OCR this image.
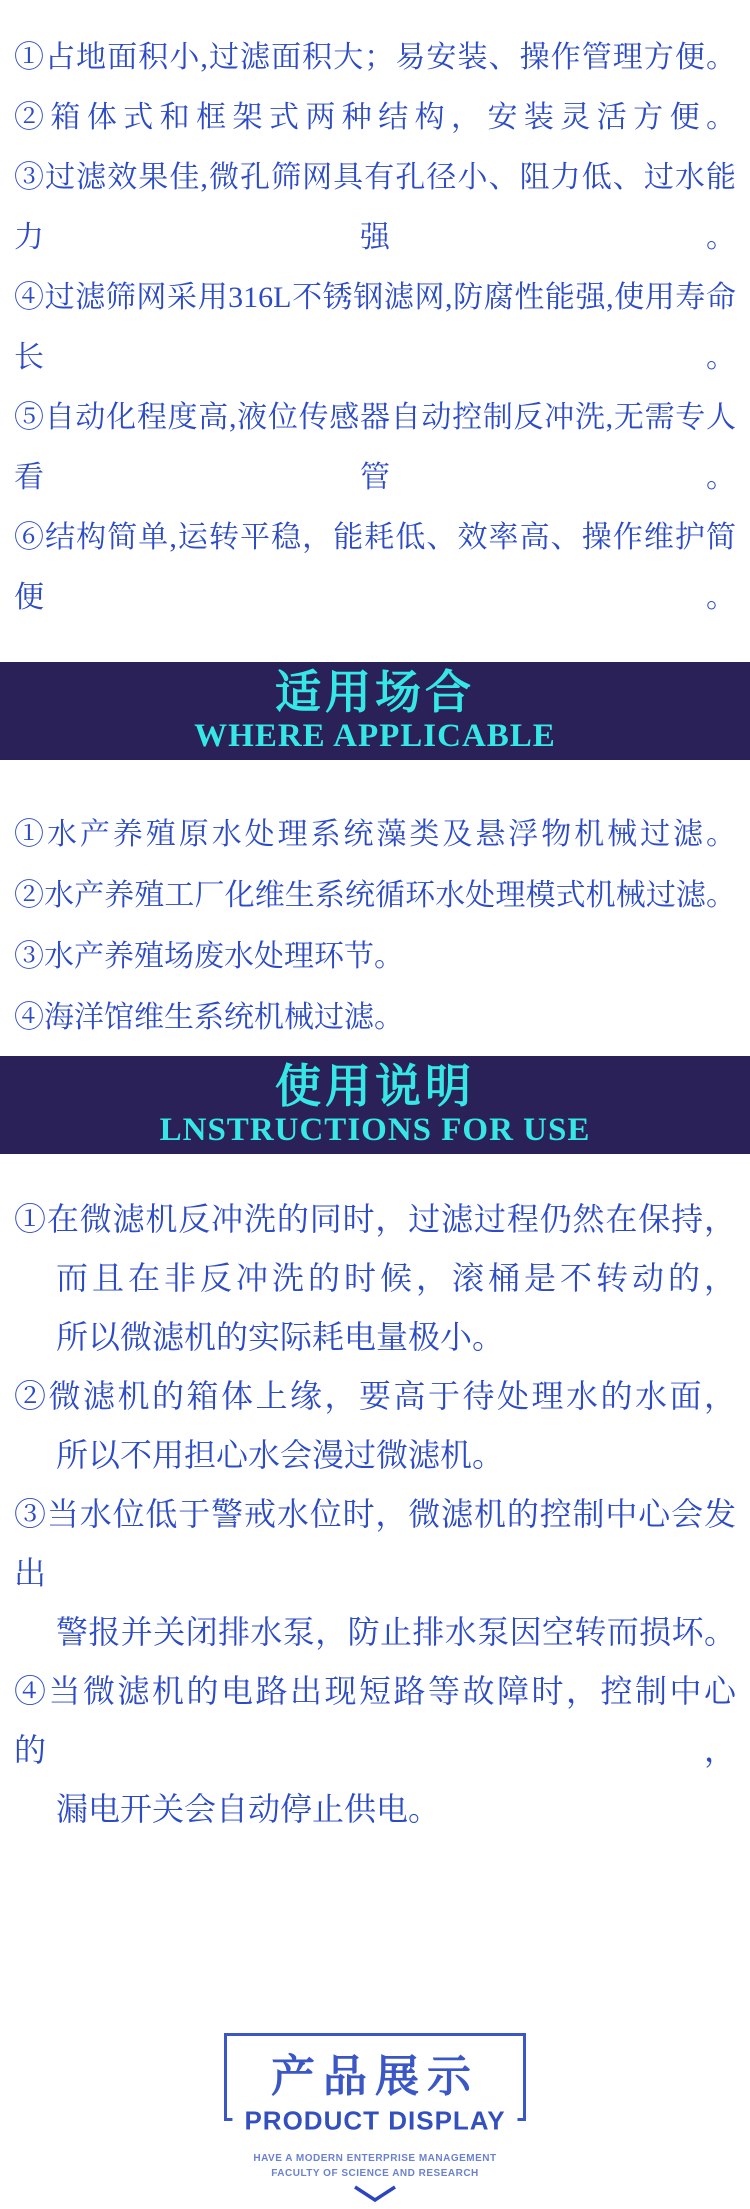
①占地面积小,过滤面积大；易安装、操作管理方便。
②箱体式和框架式两种结构，安装灵活方便。
③过滤效果佳,微孔筛网具有孔径小、阻力低、过水能力强。
④过滤筛网采用316L不锈钢滤网,防腐性能强,使用寿命长。
⑤自动化程度高,液位传感器自动控制反冲洗,无需专人看管。
⑥结构简单,运转平稳，能耗低、效率高、操作维护简便。
适用场合
WHERE APPLICABLE
①水产养殖原水处理系统藻类及悬浮物机械过滤。
②水产养殖工厂化维生系统循环水处理模式机械过滤。
③水产养殖场废水处理环节。
④海洋馆维生系统机械过滤。
使用说明
LNSTRUCTIONS FOR USE
①在微滤机反冲洗的同时，过滤过程仍然在保持，
而且在非反冲洗的时候，滚桶是不转动的，
所以微滤机的实际耗电量极小。
②微滤机的箱体上缘，要高于待处理水的水面，
所以不用担心水会漫过微滤机。
③当水位低于警戒水位时，微滤机的控制中心会发出
警报并关闭排水泵，防止排水泵因空转而损坏。
④当微滤机的电路出现短路等故障时，控制中心的，
漏电开关会自动停止供电。
产品展示
PRODUCT DISPLAY
HAVE A MODERN ENTERPRISE MANAGEMENT
FACULTY OF SCIENCE AND RESEARCH
